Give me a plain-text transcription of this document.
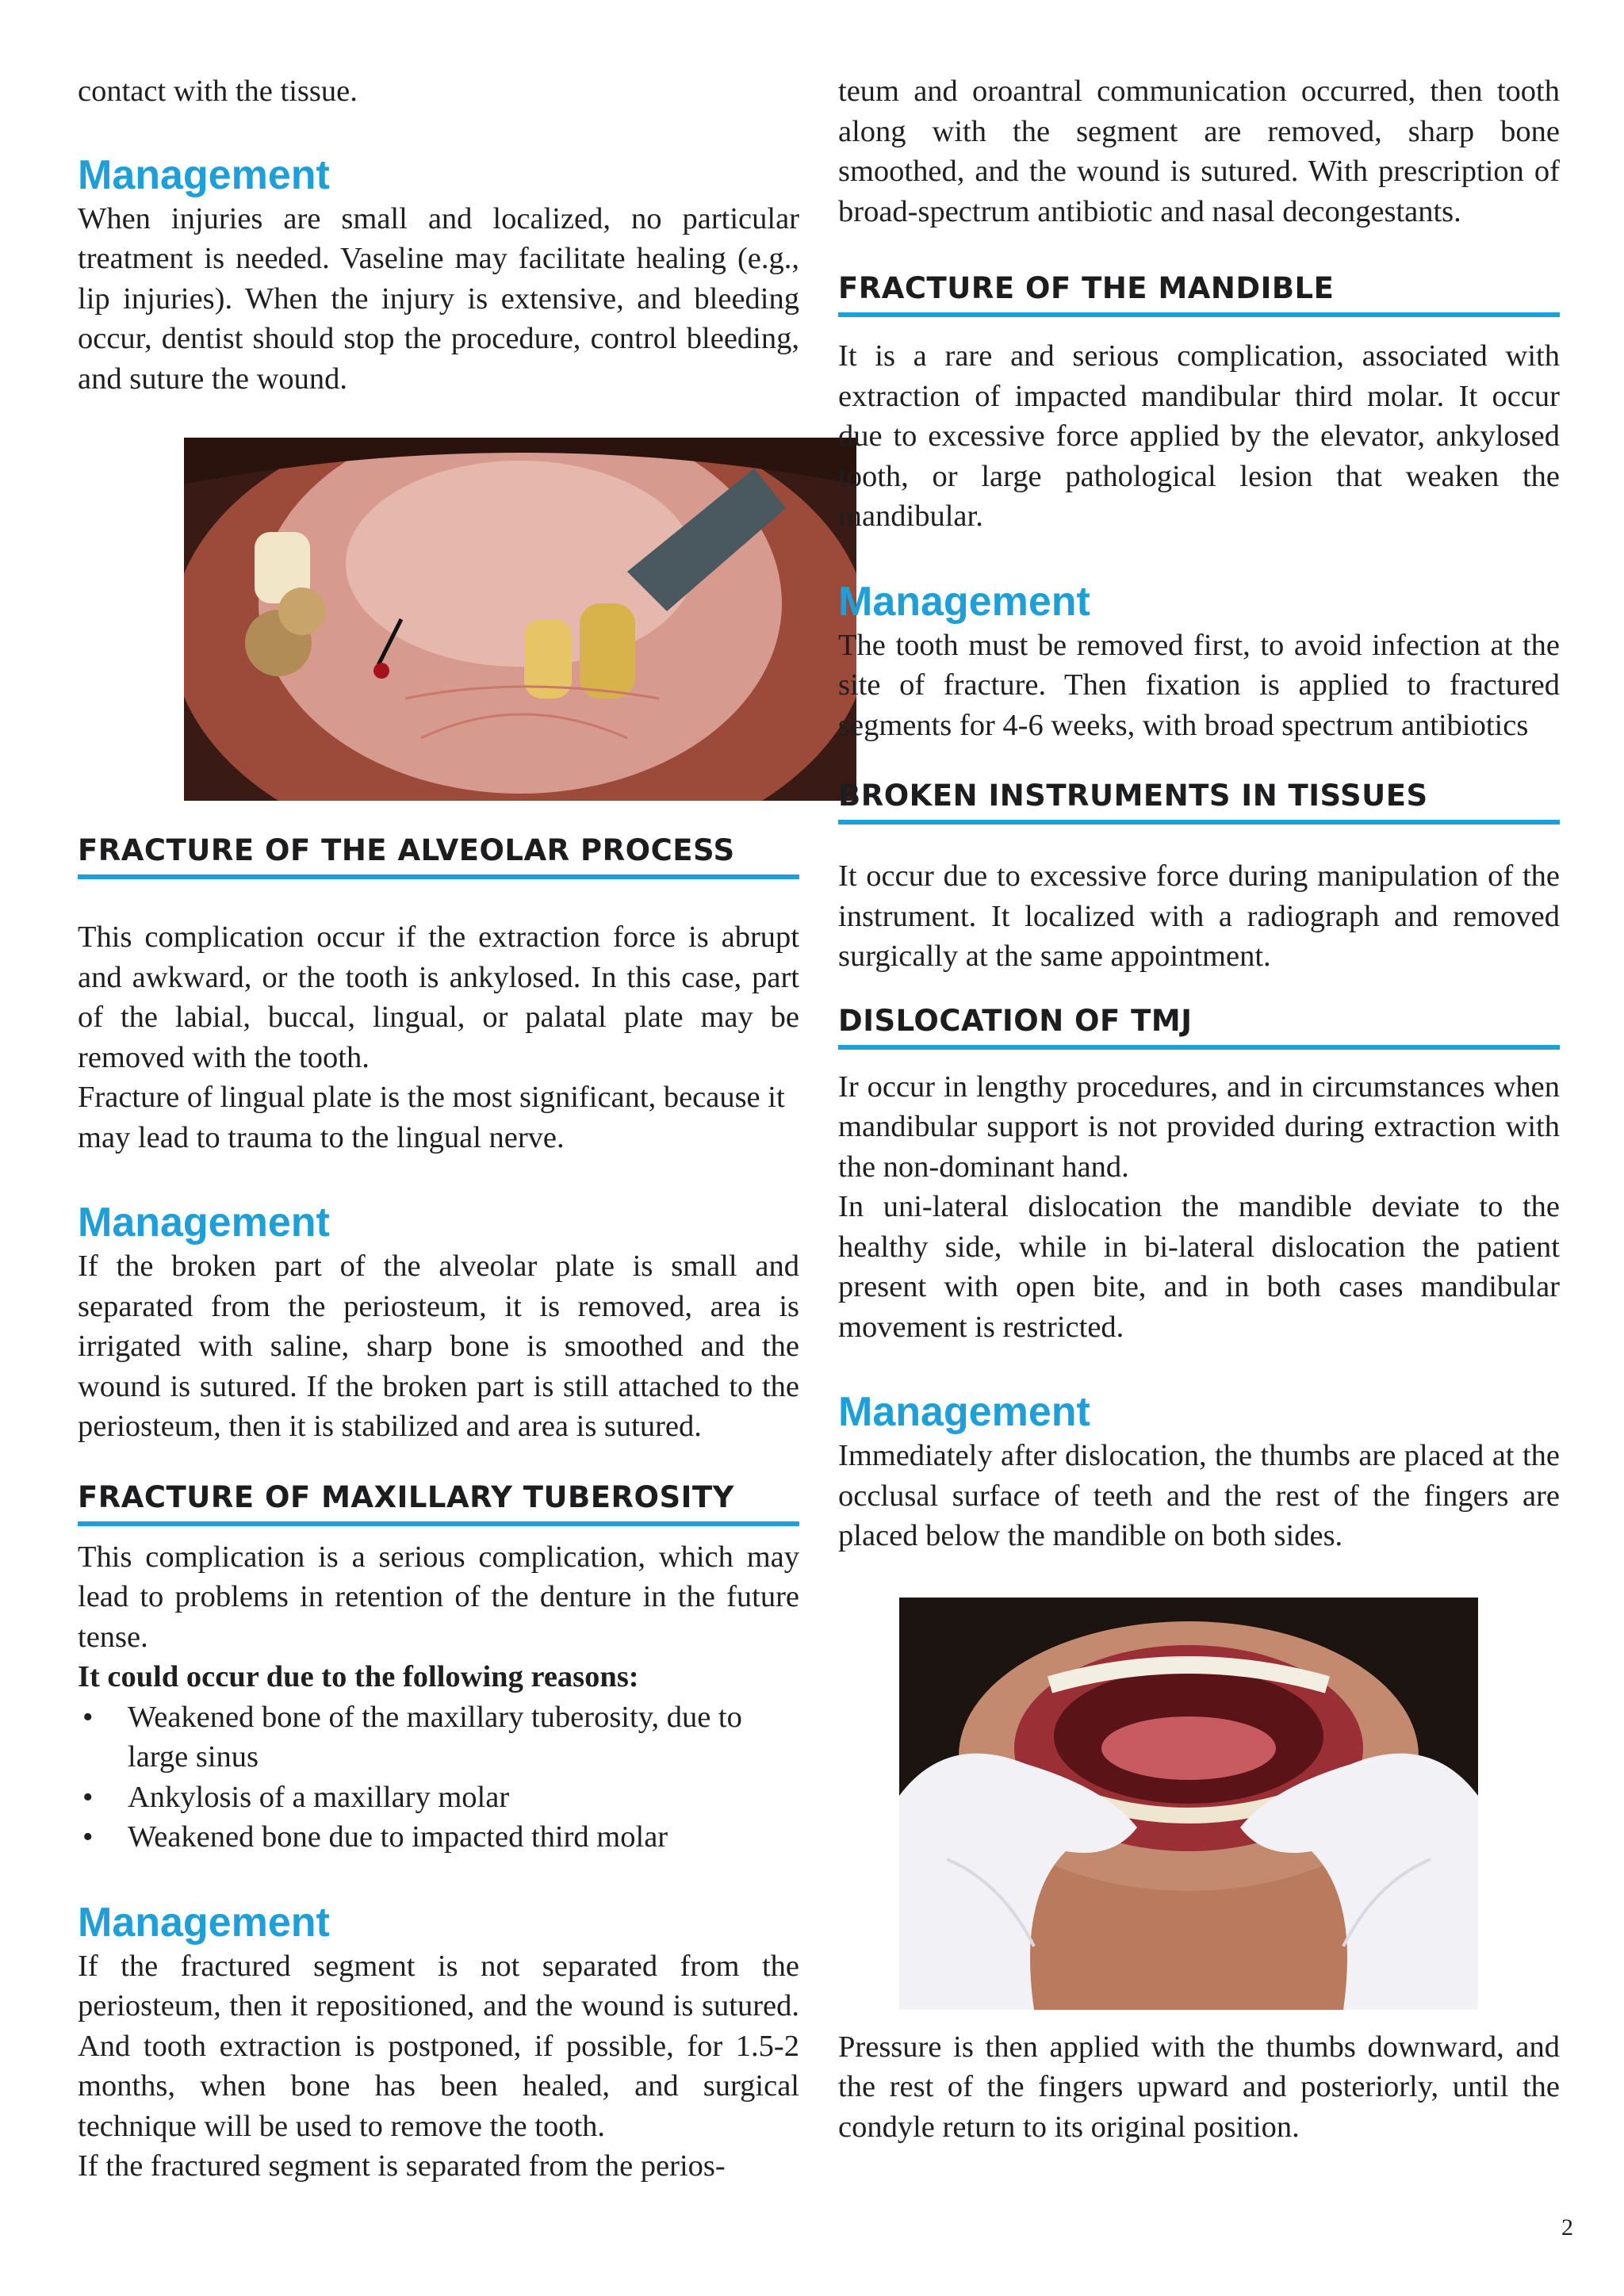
contact with the tissue.

Management

When injuries are small and localized, no particular treatment is needed. Vaseline may facilitate healing (e.g., lip injuries). When the injury is extensive, and bleeding occur, dentist should stop the procedure, control bleeding, and suture the wound.

FRACTURE OF THE ALVEOLAR PROCESS

This complication occur if the extraction force is abrupt and awkward, or the tooth is ankylosed. In this case, part of the labial, buccal, lingual, or palatal plate may be removed with the tooth.

Fracture of lingual plate is the most significant, because it may lead to trauma to the lingual nerve.

Management

If the broken part of the alveolar plate is small and separated from the periosteum, it is removed, area is irrigated with saline, sharp bone is smoothed and the wound is sutured. If the broken part is still attached to the periosteum, then it is stabilized and area is sutured.

FRACTURE OF MAXILLARY TUBEROSITY

This complication is a serious complication, which may lead to problems in retention of the denture in the future tense.

It could occur due to the following reasons:

• Weakened bone of the maxillary tuberosity, due to large sinus
• Ankylosis of a maxillary molar
• Weakened bone due to impacted third molar
Management

If the fractured segment is not separated from the periosteum, then it repositioned, and the wound is sutured. And tooth extraction is postponed, if possible, for 1.5-2 months, when bone has been healed, and surgical technique will be used to remove the tooth.

If the fractured segment is separated from the perios-

teum and oroantral communication occurred, then tooth along with the segment are removed, sharp bone smoothed, and the wound is sutured. With prescription of broad-spectrum antibiotic and nasal decongestants.

FRACTURE OF THE MANDIBLE

It is a rare and serious complication, associated with extraction of impacted mandibular third molar. It occur due to excessive force applied by the elevator, ankylosed tooth, or large pathological lesion that weaken the mandibular.

Management

The tooth must be removed first, to avoid infection at the site of fracture. Then fixation is applied to fractured segments for 4-6 weeks, with broad spectrum antibiotics

BROKEN INSTRUMENTS IN TISSUES

It occur due to excessive force during manipulation of the instrument. It localized with a radiograph and removed surgically at the same appointment.

DISLOCATION OF TMJ

Ir occur in lengthy procedures, and in circumstances when mandibular support is not provided during extraction with the non-dominant hand.

In uni-lateral dislocation the mandible deviate to the healthy side, while in bi-lateral dislocation the patient present with open bite, and in both cases mandibular movement is restricted.

Management

Immediately after dislocation, the thumbs are placed at the occlusal surface of teeth and the rest of the fingers are placed below the mandible on both sides.

Pressure is then applied with the thumbs downward, and the rest of the fingers upward and posteriorly, until the condyle return to its original position.

2
